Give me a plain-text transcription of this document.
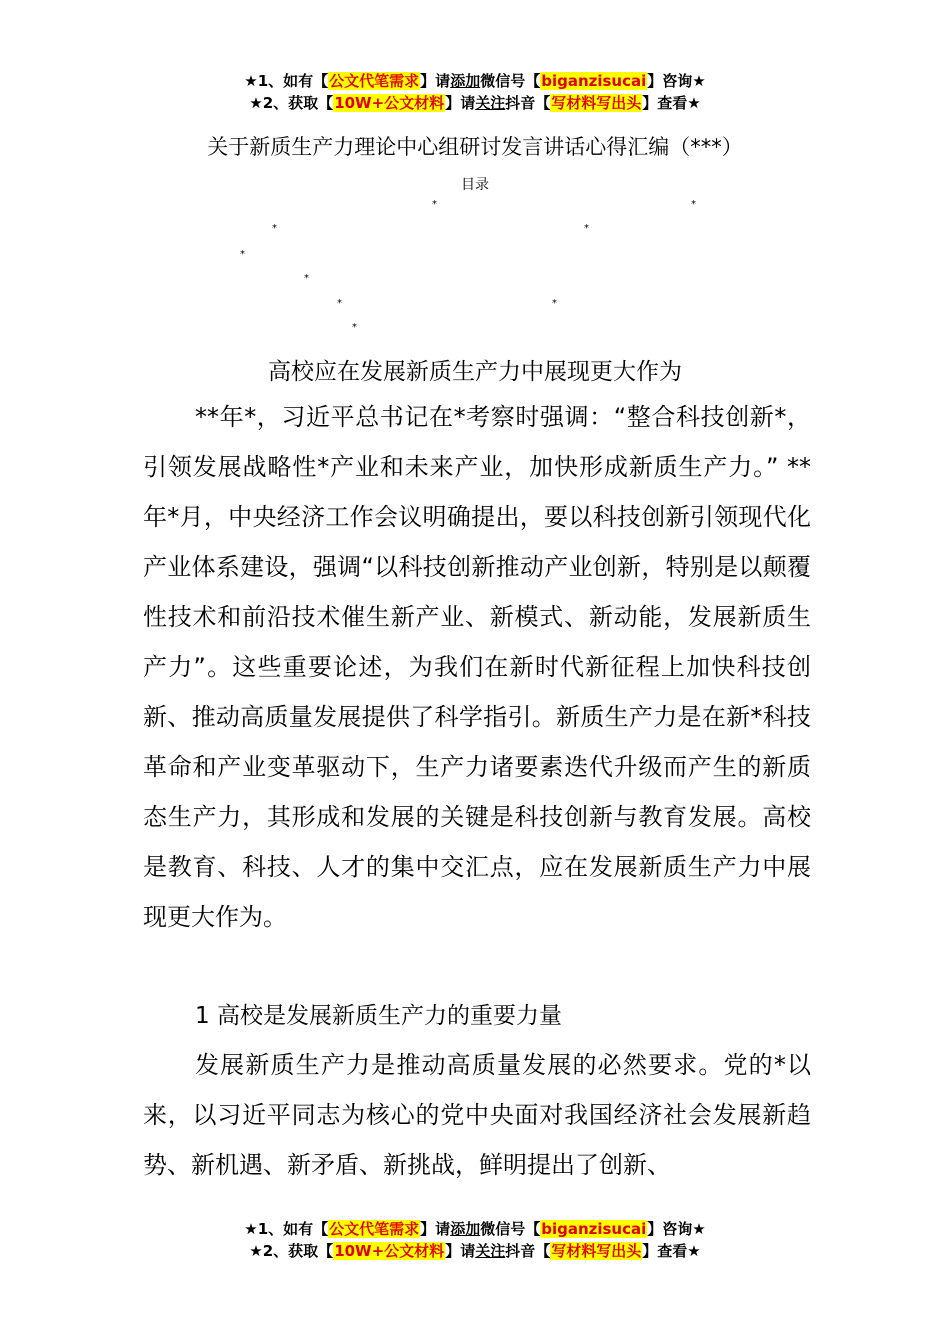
★1、如有【公文代笔需求】请添加微信号【biganzisucai】咨询★
★2、获取【10W+公文材料】请关注抖音【写材料写出头】查看★
关于新质生产力理论中心组研讨发言讲话心得汇编（***）
目录
*	*
*	*
*
*
*	*
*
高校应在发展新质生产力中展现更大作为

**年*，习近平总书记在*考察时强调：“整合科技创新*，引领发展战略性*产业和未来产业，加快形成新质生产力。” **年*月，中央经济工作会议明确提出，要以科技创新引领现代化产业体系建设，强调“以科技创新推动产业创新，特别是以颠覆性技术和前沿技术催生新产业、新模式、新动能，发展新质生产力”。这些重要论述，为我们在新时代新征程上加快科技创新、推动高质量发展提供了科学指引。新质生产力是在新*科技革命和产业变革驱动下，生产力诸要素迭代升级而产生的新质态生产力，其形成和发展的关键是科技创新与教育发展。高校是教育、科技、人才的集中交汇点，应在发展新质生产力中展现更大作为。

1 高校是发展新质生产力的重要力量

发展新质生产力是推动高质量发展的必然要求。党的*以来，以习近平同志为核心的党中央面对我国经济社会发展新趋势、新机遇、新矛盾、新挑战，鲜明提出了创新、

★1、如有【公文代笔需求】请添加微信号【biganzisucai】咨询★
★2、获取【10W+公文材料】请关注抖音【写材料写出头】查看★
